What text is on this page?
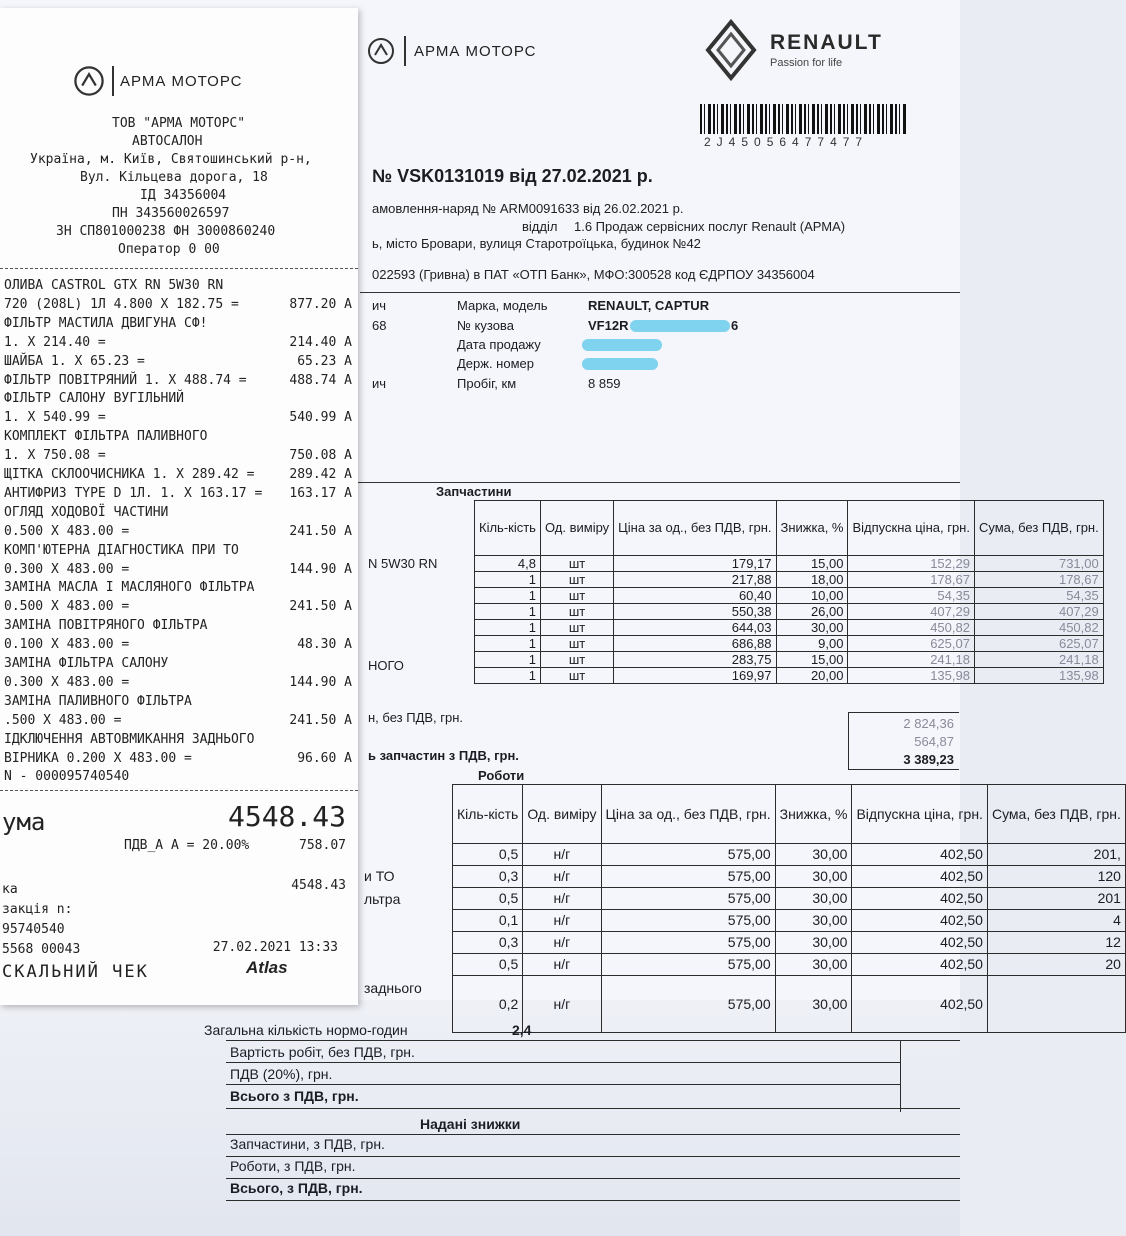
АРМА МОТОРС	RENAULT
Passion for life
2J45056477477
№ VSK0131019 від 27.02.2021 р.
амовлення-наряд № ARM0091633 від 26.02.2021 р.
відділ 1.6 Продаж сервісних послуг Renault (АРМА)
ь, місто Бровари, вулиця Старотроїцька, будинок №42
022593 (Гривна) в ПАТ «ОТП Банк», МФО:300528 код ЄДРПОУ 34356004
ич
68
ич
Марка, модель	RENAULT, CAPTUR
№ кузова	VF12R	6
Дата продажу
Держ. номер
Пробіг, км	8 859
Запчастини
N 5W30 RN
НОГО
Кіль-кість	Од. виміру	Ціна за од., без ПДВ, грн.	Знижка, %	Відпускна ціна, грн.	Сума, без ПДВ, грн.
4,8	шт	179,17	15,00	152,29	731,00
1	шт	217,88	18,00	178,67	178,67
1	шт	60,40	10,00	54,35	54,35
1	шт	550,38	26,00	407,29	407,29
1	шт	644,03	30,00	450,82	450,82
1	шт	686,88	9,00	625,07	625,07
1	шт	283,75	15,00	241,18	241,18
1	шт	169,97	20,00	135,98	135,98
н, без ПДВ, грн.	2 824,36
564,87
ь запчастин з ПДВ, грн.	3 389,23
Роботи
Кіль-кість	Од. виміру	Ціна за од., без ПДВ, грн.	Знижка, %	Відпускна ціна, грн.	Сума, без ПДВ, грн.
0,5	н/г	575,00	30,00	402,50	201,
0,3	н/г	575,00	30,00	402,50	120
0,5	н/г	575,00	30,00	402,50	201
0,1	н/г	575,00	30,00	402,50	4
0,3	н/г	575,00	30,00	402,50	12
0,5	н/г	575,00	30,00	402,50	20
0,2	н/г	575,00	30,00	402,50	
и ТО
льтра
заднього
Загальна кількість нормо-годин	2,4
Вартість робіт, без ПДВ, грн.
ПДВ (20%), грн.
Всього з ПДВ, грн.
Надані знижки
Запчастини, з ПДВ, грн.
Роботи, з ПДВ, грн.
Всього, з ПДВ, грн.
АРМА МОТОРС
ТОВ "АРМА МОТОРС"
АВТОСАЛОН
Україна, м. Київ, Святошинський р-н,
Вул. Кільцева дорога, 18
ІД 34356004
ПН 343560026597
ЗН СП801000238 ФН 3000860240
Оператор 0 00
ума	4548.43
ПДВ_А А = 20.00%	758.07
ка	4548.43
закція n:
95740540
5568 00043	27.02.2021 13:33
СКАЛЬНИЙ ЧЕК	Atlas
ОЛИВА CASTROL GTX RN 5W30 RN
720 (208L) 1Л 4.800 X 182.75 =	877.20 А
ФІЛЬТР МАСТИЛА ДВИГУНА СФ!
1. X 214.40 =	214.40 А
ШАЙБА 1. X 65.23 =	65.23 А
ФІЛЬТР ПОВІТРЯНИЙ 1. X 488.74 =	488.74 А
ФІЛЬТР САЛОНУ ВУГІЛЬНИЙ
1. X 540.99 =	540.99 А
КОМПЛЕКТ ФІЛЬТРА ПАЛИВНОГО
1. X 750.08 =	750.08 А
ЩІТКА СКЛООЧИСНИКА 1. X 289.42 =	289.42 А
АНТИФРИЗ TYPE D 1Л. 1. X 163.17 = 163.17 А
ОГЛЯД ХОДОВОЇ ЧАСТИНИ
0.500 X 483.00 =	241.50 А
КОМП'ЮТЕРНА ДІАГНОСТИКА ПРИ ТО
0.300 X 483.00 =	144.90 А
ЗАМІНА МАСЛА І МАСЛЯНОГО ФІЛЬТРА
0.500 X 483.00 =	241.50 А
ЗАМІНА ПОВІТРЯНОГО ФІЛЬТРА
0.100 X 483.00 =	48.30 А
ЗАМІНА ФІЛЬТРА САЛОНУ
0.300 X 483.00 =	144.90 А
ЗАМІНА ПАЛИВНОГО ФІЛЬТРА
.500 X 483.00 =	241.50 А
ІДКЛЮЧЕННЯ АВТОВМИКАННЯ ЗАДНЬОГО
ВІРНИКА 0.200 X 483.00 =	96.60 А
N - 000095740540
